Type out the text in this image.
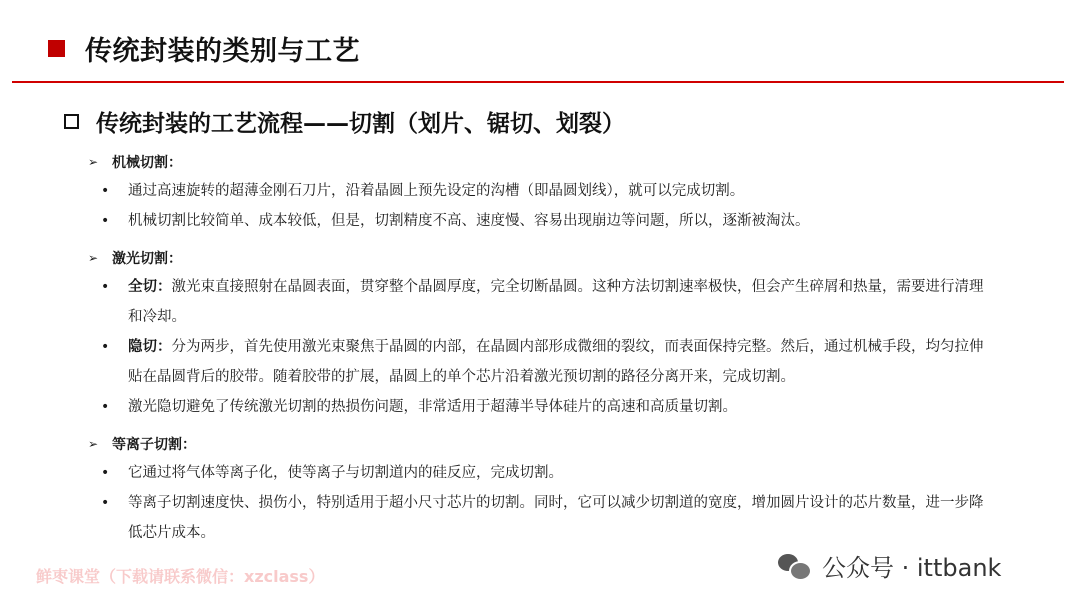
传统封装的类别与工艺
传统封装的工艺流程——切割（划片、锯切、划裂）
➢ 机械切割：
• 通过高速旋转的超薄金刚石刀片，沿着晶圆上预先设定的沟槽（即晶圆划线），就可以完成切割。
• 机械切割比较简单、成本较低，但是，切割精度不高、速度慢、容易出现崩边等问题，所以，逐渐被淘汰。
➢ 激光切割：
• 全切：激光束直接照射在晶圆表面，贯穿整个晶圆厚度，完全切断晶圆。这种方法切割速率极快，但会产生碎屑和热量，需要进行清理和冷却。
• 隐切：分为两步，首先使用激光束聚焦于晶圆的内部，在晶圆内部形成微细的裂纹，而表面保持完整。然后，通过机械手段，均匀拉伸贴在晶圆背后的胶带。随着胶带的扩展，晶圆上的单个芯片沿着激光预切割的路径分离开来，完成切割。
• 激光隐切避免了传统激光切割的热损伤问题，非常适用于超薄半导体硅片的高速和高质量切割。
➢ 等离子切割：
• 它通过将气体等离子化，使等离子与切割道内的硅反应，完成切割。
• 等离子切割速度快、损伤小，特别适用于超小尺寸芯片的切割。同时，它可以减少切割道的宽度，增加圆片设计的芯片数量，进一步降低芯片成本。
鲜枣课堂（下载请联系微信：xzclass）	公众号 · ittbank
